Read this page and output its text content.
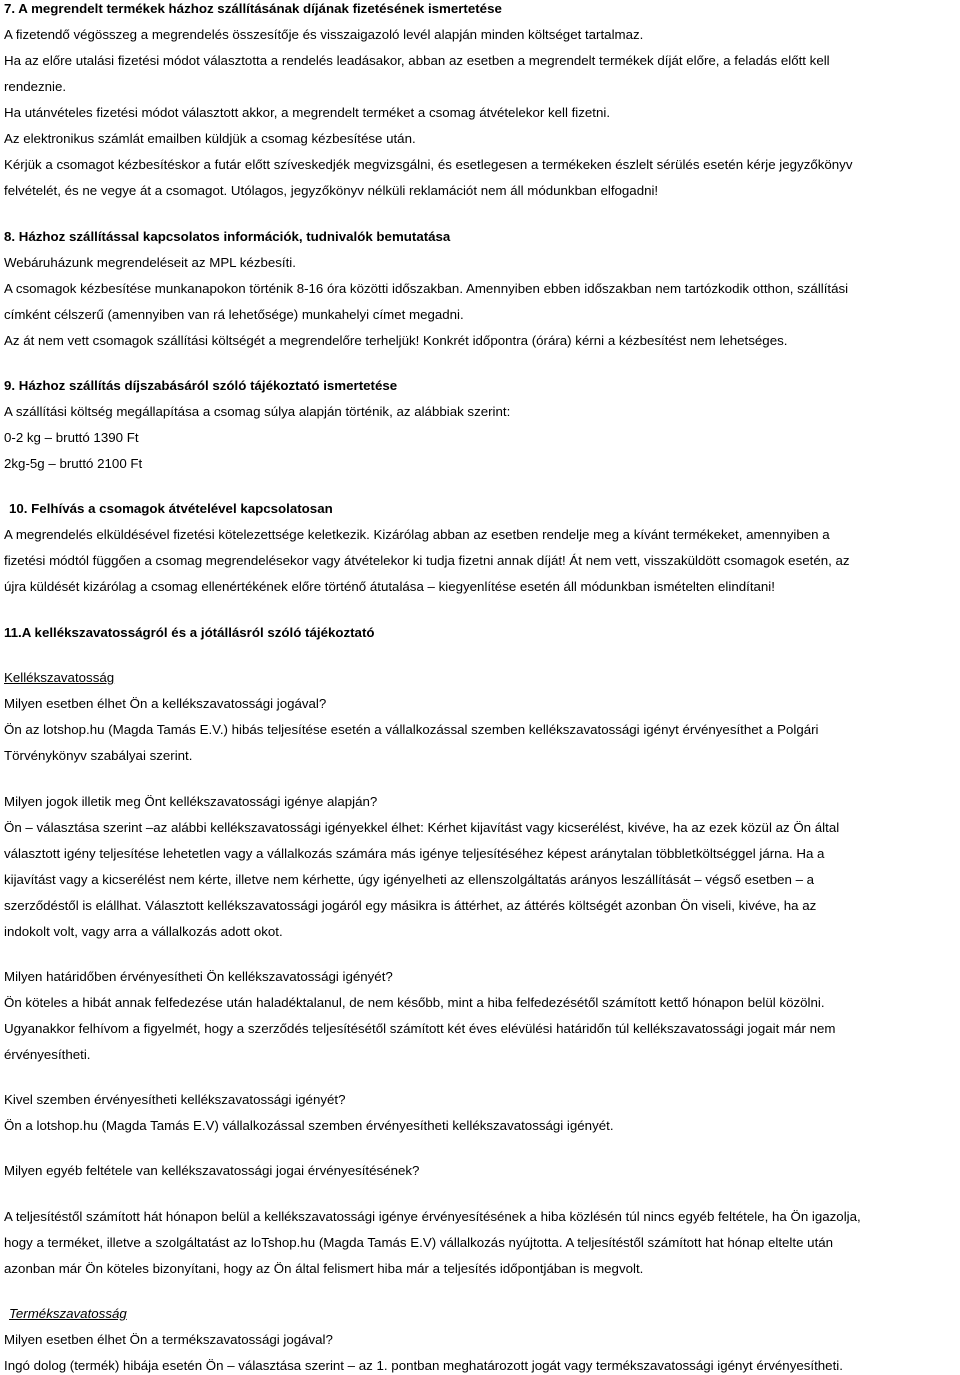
7. A megrendelt termékek házhoz szállításának díjának fizetésének ismertetése
A fizetendő végösszeg a megrendelés összesítője és visszaigazoló levél alapján minden költséget tartalmaz.
Ha az előre utalási fizetési módot választotta a rendelés leadásakor, abban az esetben a megrendelt termékek díját előre, a feladás előtt kell
rendeznie.
Ha utánvételes fizetési módot választott akkor, a megrendelt terméket a csomag átvételekor kell fizetni.
Az elektronikus számlát emailben küldjük a csomag kézbesítése után.
Kérjük a csomagot kézbesítéskor a futár előtt szíveskedjék megvizsgálni, és esetlegesen a termékeken észlelt sérülés esetén kérje jegyzőkönyv
felvételét, és ne vegye át a csomagot. Utólagos, jegyzőkönyv nélküli reklamációt nem áll módunkban elfogadni!
8. Házhoz szállítással kapcsolatos információk, tudnivalók bemutatása
Webáruházunk megrendeléseit az MPL kézbesíti.
A csomagok kézbesítése munkanapokon történik 8-16 óra közötti időszakban. Amennyiben ebben időszakban nem tartózkodik otthon, szállítási
címként célszerű (amennyiben van rá lehetősége) munkahelyi címet megadni.
Az át nem vett csomagok szállítási költségét a megrendelőre terheljük! Konkrét időpontra (órára) kérni a kézbesítést nem lehetséges.
9. Házhoz szállítás díjszabásáról szóló tájékoztató ismertetése
A szállítási költség megállapítása a csomag súlya alapján történik, az alábbiak szerint:
0-2 kg – bruttó 1390 Ft
2kg-5g – bruttó 2100 Ft
10. Felhívás a csomagok átvételével kapcsolatosan
A megrendelés elküldésével fizetési kötelezettsége keletkezik. Kizárólag abban az esetben rendelje meg a kívánt termékeket, amennyiben a
fizetési módtól függően a csomag megrendelésekor vagy átvételekor ki tudja fizetni annak díját! Át nem vett, visszaküldött csomagok esetén, az
újra küldését kizárólag a csomag ellenértékének előre történő átutalása – kiegyenlítése esetén áll módunkban ismételten elindítani!
11.A kellékszavatosságról és a jótállásról szóló tájékoztató
Kellékszavatosság
Milyen esetben élhet Ön a kellékszavatossági jogával?
Ön az lotshop.hu (Magda Tamás E.V.) hibás teljesítése esetén a vállalkozással szemben kellékszavatossági igényt érvényesíthet a Polgári
Törvénykönyv szabályai szerint.
Milyen jogok illetik meg Önt kellékszavatossági igénye alapján?
Ön – választása szerint –az alábbi kellékszavatossági igényekkel élhet: Kérhet kijavítást vagy kicserélést, kivéve, ha az ezek közül az Ön által
választott igény teljesítése lehetetlen vagy a vállalkozás számára más igénye teljesítéséhez képest aránytalan többletköltséggel járna. Ha a
kijavítást vagy a kicserélést nem kérte, illetve nem kérhette, úgy igényelheti az ellenszolgáltatás arányos leszállítását – végső esetben – a
szerződéstől is elállhat. Választott kellékszavatossági jogáról egy másikra is áttérhet, az áttérés költségét azonban Ön viseli, kivéve, ha az
indokolt volt, vagy arra a vállalkozás adott okot.
Milyen határidőben érvényesítheti Ön kellékszavatossági igényét?
Ön köteles a hibát annak felfedezése után haladéktalanul, de nem később, mint a hiba felfedezésétől számított kettő hónapon belül közölni.
Ugyanakkor felhívom a figyelmét, hogy a szerződés teljesítésétől számított két éves elévülési határidőn túl kellékszavatossági jogait már nem
érvényesítheti.
Kivel szemben érvényesítheti kellékszavatossági igényét?
Ön a lotshop.hu (Magda Tamás E.V) vállalkozással szemben érvényesítheti kellékszavatossági igényét.
Milyen egyéb feltétele van kellékszavatossági jogai érvényesítésének?
A teljesítéstől számított hát hónapon belül a kellékszavatossági igénye érvényesítésének a hiba közlésén túl nincs egyéb feltétele, ha Ön igazolja,
hogy a terméket, illetve a szolgáltatást az loTshop.hu (Magda Tamás E.V) vállalkozás nyújtotta. A teljesítéstől számított hat hónap eltelte után
azonban már Ön köteles bizonyítani, hogy az Ön által felismert hiba már a teljesítés időpontjában is megvolt.
Termékszavatosság
Milyen esetben élhet Ön a termékszavatossági jogával?
Ingó dolog (termék) hibája esetén Ön – választása szerint – az 1. pontban meghatározott jogát vagy termékszavatossági igényt érvényesítheti.
